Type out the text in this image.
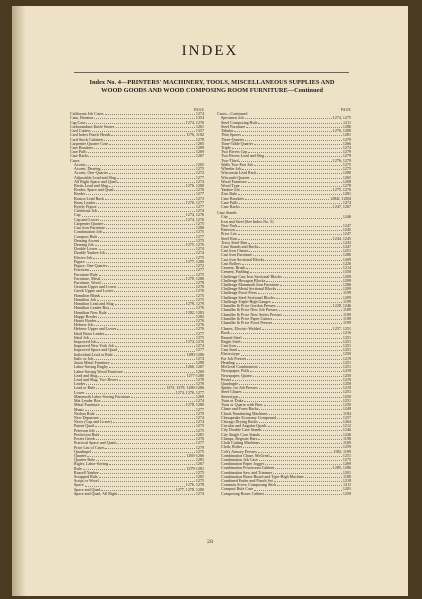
INDEX
Index No. 4—PRINTERS' MACHINERY, TOOLS, MISCELLANEOUS SUPPLIES AND
WOOD GOODS AND WOOD COMPOSING ROOM FURNITURE—Continued
PAGE
California Job Cases	1274
Cans, Benzine	1354
Cap Case	1274, 1276
Carborundum Knife Stones	1261
Card Cutters	1357
Card Index Punch Heads	1176, 1182
Card Stock Cabinets	1278
Carpenter Quarter Case	1265
Case Brackets	1289
Case Pulls	1269
Case Racks	1267
Cases
Accent	1265
Accent, Dearing	1275
Accent, One-Quarter	1272
Adjustable Lead and Slug	1277
All Right Space and Quad	1274
Bertis Lead and Slug	1276, 1280
Border, Space and Quad	1276
Border	1277
Boston Lead Rack	1273
Brass Leader	1276, 1277
Byerly Figure	1277
California Job	1274
Cap	1274, 1276
Cap and Lower	1274, 1276
Carpenter Quarter	1275
Cast Iron Furniture	1286
Combination Job	1275
Compact Rule	1277
Dearing Accent	1275
Dearing Job	1275, 1276
Double Lower	1274
Double Yankee Job	1274
Electro Job	1275
Figure	1277, 1280
Figure, One-Quarter	1272
Fractions	1277
Furniture Rule	1275
Furniture, Metal	1278, 1286
Furniture, Wood	1278
German Upper and Lower	1276
Greek Upper and Lower	1276
Hamilton Blank	1275
Hamilton Job	1275
Hamilton Lead and Slug	1278, 1279
Hamilton Leader Box	1276
Hamilton New Rule	1282, 1283
Happy Border	1282
Harris Border	1276
Hebrew Job	1276
Hebrew Upper and Lower	1276
Ideal Brass Leader	1277
Ideal Job	1275
Improved Job	1274, 1276
Improved New York Job	1274
Improved Space and Quad	1277
Individual Lead or Rule	1280-1286
Italic or Job	1274
Jason Metal Furniture	1280
Labor-Saving Rugby	1266, 1267
Labor-Saving Wood Furniture	1269
Lead and Slug	1277-1280
Lead and Slug, Two Rivers	1278
Leader	1276
Lead or Rule	1275, 1279, 1280-1286
Lower	1274, 1276, 1277
Mammoth Labor-Saving Furniture	1269
Mat Leader Box	1274
Metal Furniture	1278, 1280
Music	1277
Nedora Rule	1279
New Departure	1274
News (Cap and Lower)	1274
Patent Quad	1275
Peterson Job	1275
Perfection Rule	1281
Poster Greek	1276
Practical Space and Quad	1277
Price List of Cases	1279
Quadrupel	1275
Quarter	1265-1266
Quarter Rule	1281
Rigler, Labor-Saving	1267
Rule	1279-1281
Russell Yankee	1275
Scrapped Rule	1281
Script or Wood	1275
Space	1276, 1278
Space and Quad	1277, 1278, 1280
Space and Quad, All Right	1274
PAGE
Cases—Continued
Specimen Job	1274, 1275
Steel Composing Rule	1211
Steel Furniture	1286
Tabular	1276, 1280
Thin Spaces	1281
Three-Quarter	1279
Time-Table Quarter	1266
Triple	1274
Two Rivers Cap	1279
Two Rivers Lead and Slug	1279
Two-Third	1276, 1279
Walls Two-Part Job	1275
Wheeler Job	1275
Wisconsin Lead Rack	1280
Wiscomb Quarter	1265
Wood Furniture	1268
Wood Type	1278
Yankee Job	1275, 1276
Zinc Rule	1281
Case Brackets	1284f, 1284f
Case Pulls	1274
Case Racks	1247, 1267
Case Stands
City	1246
Iron and Steel (See Index No. 5)
New York	1247
Paterson	1245
Price List	1247
Steel Run	1244, 1245
Tracy Steel Run	1243
Case Stands and Racks	1247
Cast Iron Chases	1251
Cast Iron Furniture	1286
Cast Iron Sectional Blocks	1209
Cast Rollers	1226
Cement, Brush	1214
Cement, Padding	1350
Challenge Cast Iron Sectional Blocks	1209
Challenge Hexagon Blocks	1209
Challenge Mammoth Iron Furniture	1286
Challenge Metal Sectional Blocks	1209
Challenge Proof Press	1199
Challenge Steel Sectional Blocks	1209
Challenge Triple-High Gauges	1199
Chandler & Price Gordon Presses	1228, 1246
Chandler & Price New Job Presses	1189
Chandler & Price New Series Presses	1189
Chandler & Price Paper Cutters	1188
Chandler & Price Proof Presses	1199
Chases, Electric-Welded	1257, 1251
Book	1216
Brazed Steel	1251
Bright Steel	1251
Cast Iron	1251
Cast Steel	1251
Electrotype	1250
For Job Presses	1219
Heading	1251
McGreal Combination	1251
Newspaper, Pulls	1219
Newspaper, Quarto	1250
Poster	1219
Quadruple	1250
Spider, for Job Presses	1219
Steel Chases	1251
Stereotype	1250
Twin or Duke	1251
Twin or Quarto with Bars	1250
Chase and Form Racks	1249
Chuck Numbering Machines	1184
Chesapeake Economy Compound	1257
Chicago Drying Racks	1264
Circular and Angular Quads	1212
City Double Case Stands	1246
City Single Case Stands	1246
Clamps, Register Bars	1198
Cloth Cutting Machines	1169
Cloth, Bolter	1259
Colt's Armory Presses	1182, 1189
Combination Chase, McGreal	1251
Combination Job Case	1275
Combination Paper Jogger	1269
Combination Poweroom Cabinet	1285, 1286
Combination Saw and Trimmer	1201
Combination Brass-Board and Type-High Machine	1180
Combined Ender and Punch Set	1218
Common Screw Composing Stick	1211
Compact Rule Case	1281
Composing Room Cabinet	1259
28
